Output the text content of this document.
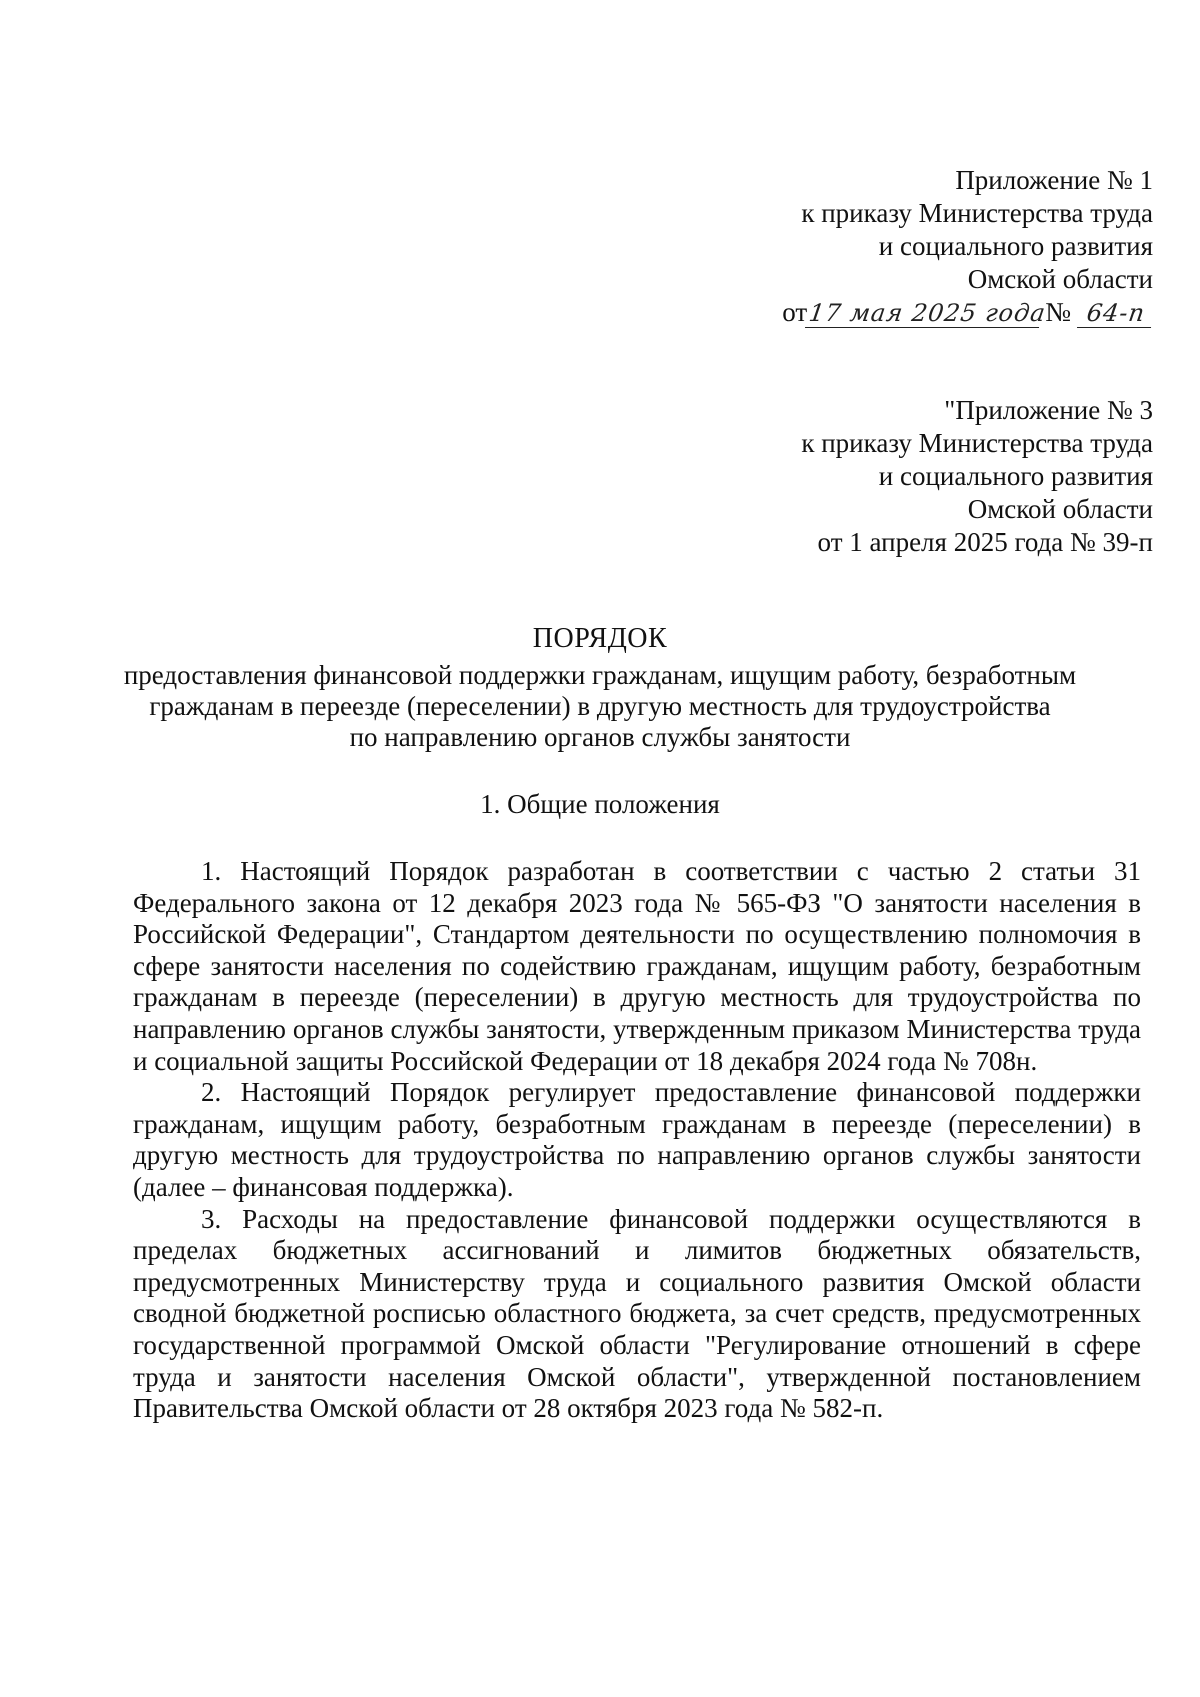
Приложение № 1
к приказу Министерства труда
и социального развития
Омской области
от 17 мая 2025 года
№ 64-п
"Приложение № 3
к приказу Министерства труда
и социального развития
Омской области
от 1 апреля 2025 года № 39-п
ПОРЯДОК
предоставления финансовой поддержки гражданам, ищущим работу, безработным
гражданам в переезде (переселении) в другую местность для трудоустройства
по направлению органов службы занятости
1. Общие положения

1. Настоящий Порядок разработан в соответствии с частью 2 статьи 31 Федерального закона от 12 декабря 2023 года № 565-ФЗ "О занятости населения в Российской Федерации", Стандартом деятельности по осуществлению полномочия в сфере занятости населения по содействию гражданам, ищущим работу, безработным гражданам в переезде (переселении) в другую местность для трудоустройства по направлению органов службы занятости, утвержденным приказом Министерства труда и социальной защиты Российской Федерации от 18 декабря 2024 года № 708н.

2. Настоящий Порядок регулирует предоставление финансовой поддержки гражданам, ищущим работу, безработным гражданам в переезде (переселении) в другую местность для трудоустройства по направлению органов службы занятости (далее – финансовая поддержка).

3. Расходы на предоставление финансовой поддержки осуществляются в пределах бюджетных ассигнований и лимитов бюджетных обязательств, предусмотренных Министерству труда и социального развития Омской области сводной бюджетной росписью областного бюджета, за счет средств, предусмотренных государственной программой Омской области "Регулирование отношений в сфере труда и занятости населения Омской области", утвержденной постановлением Правительства Омской области от 28 октября 2023 года № 582-п.
